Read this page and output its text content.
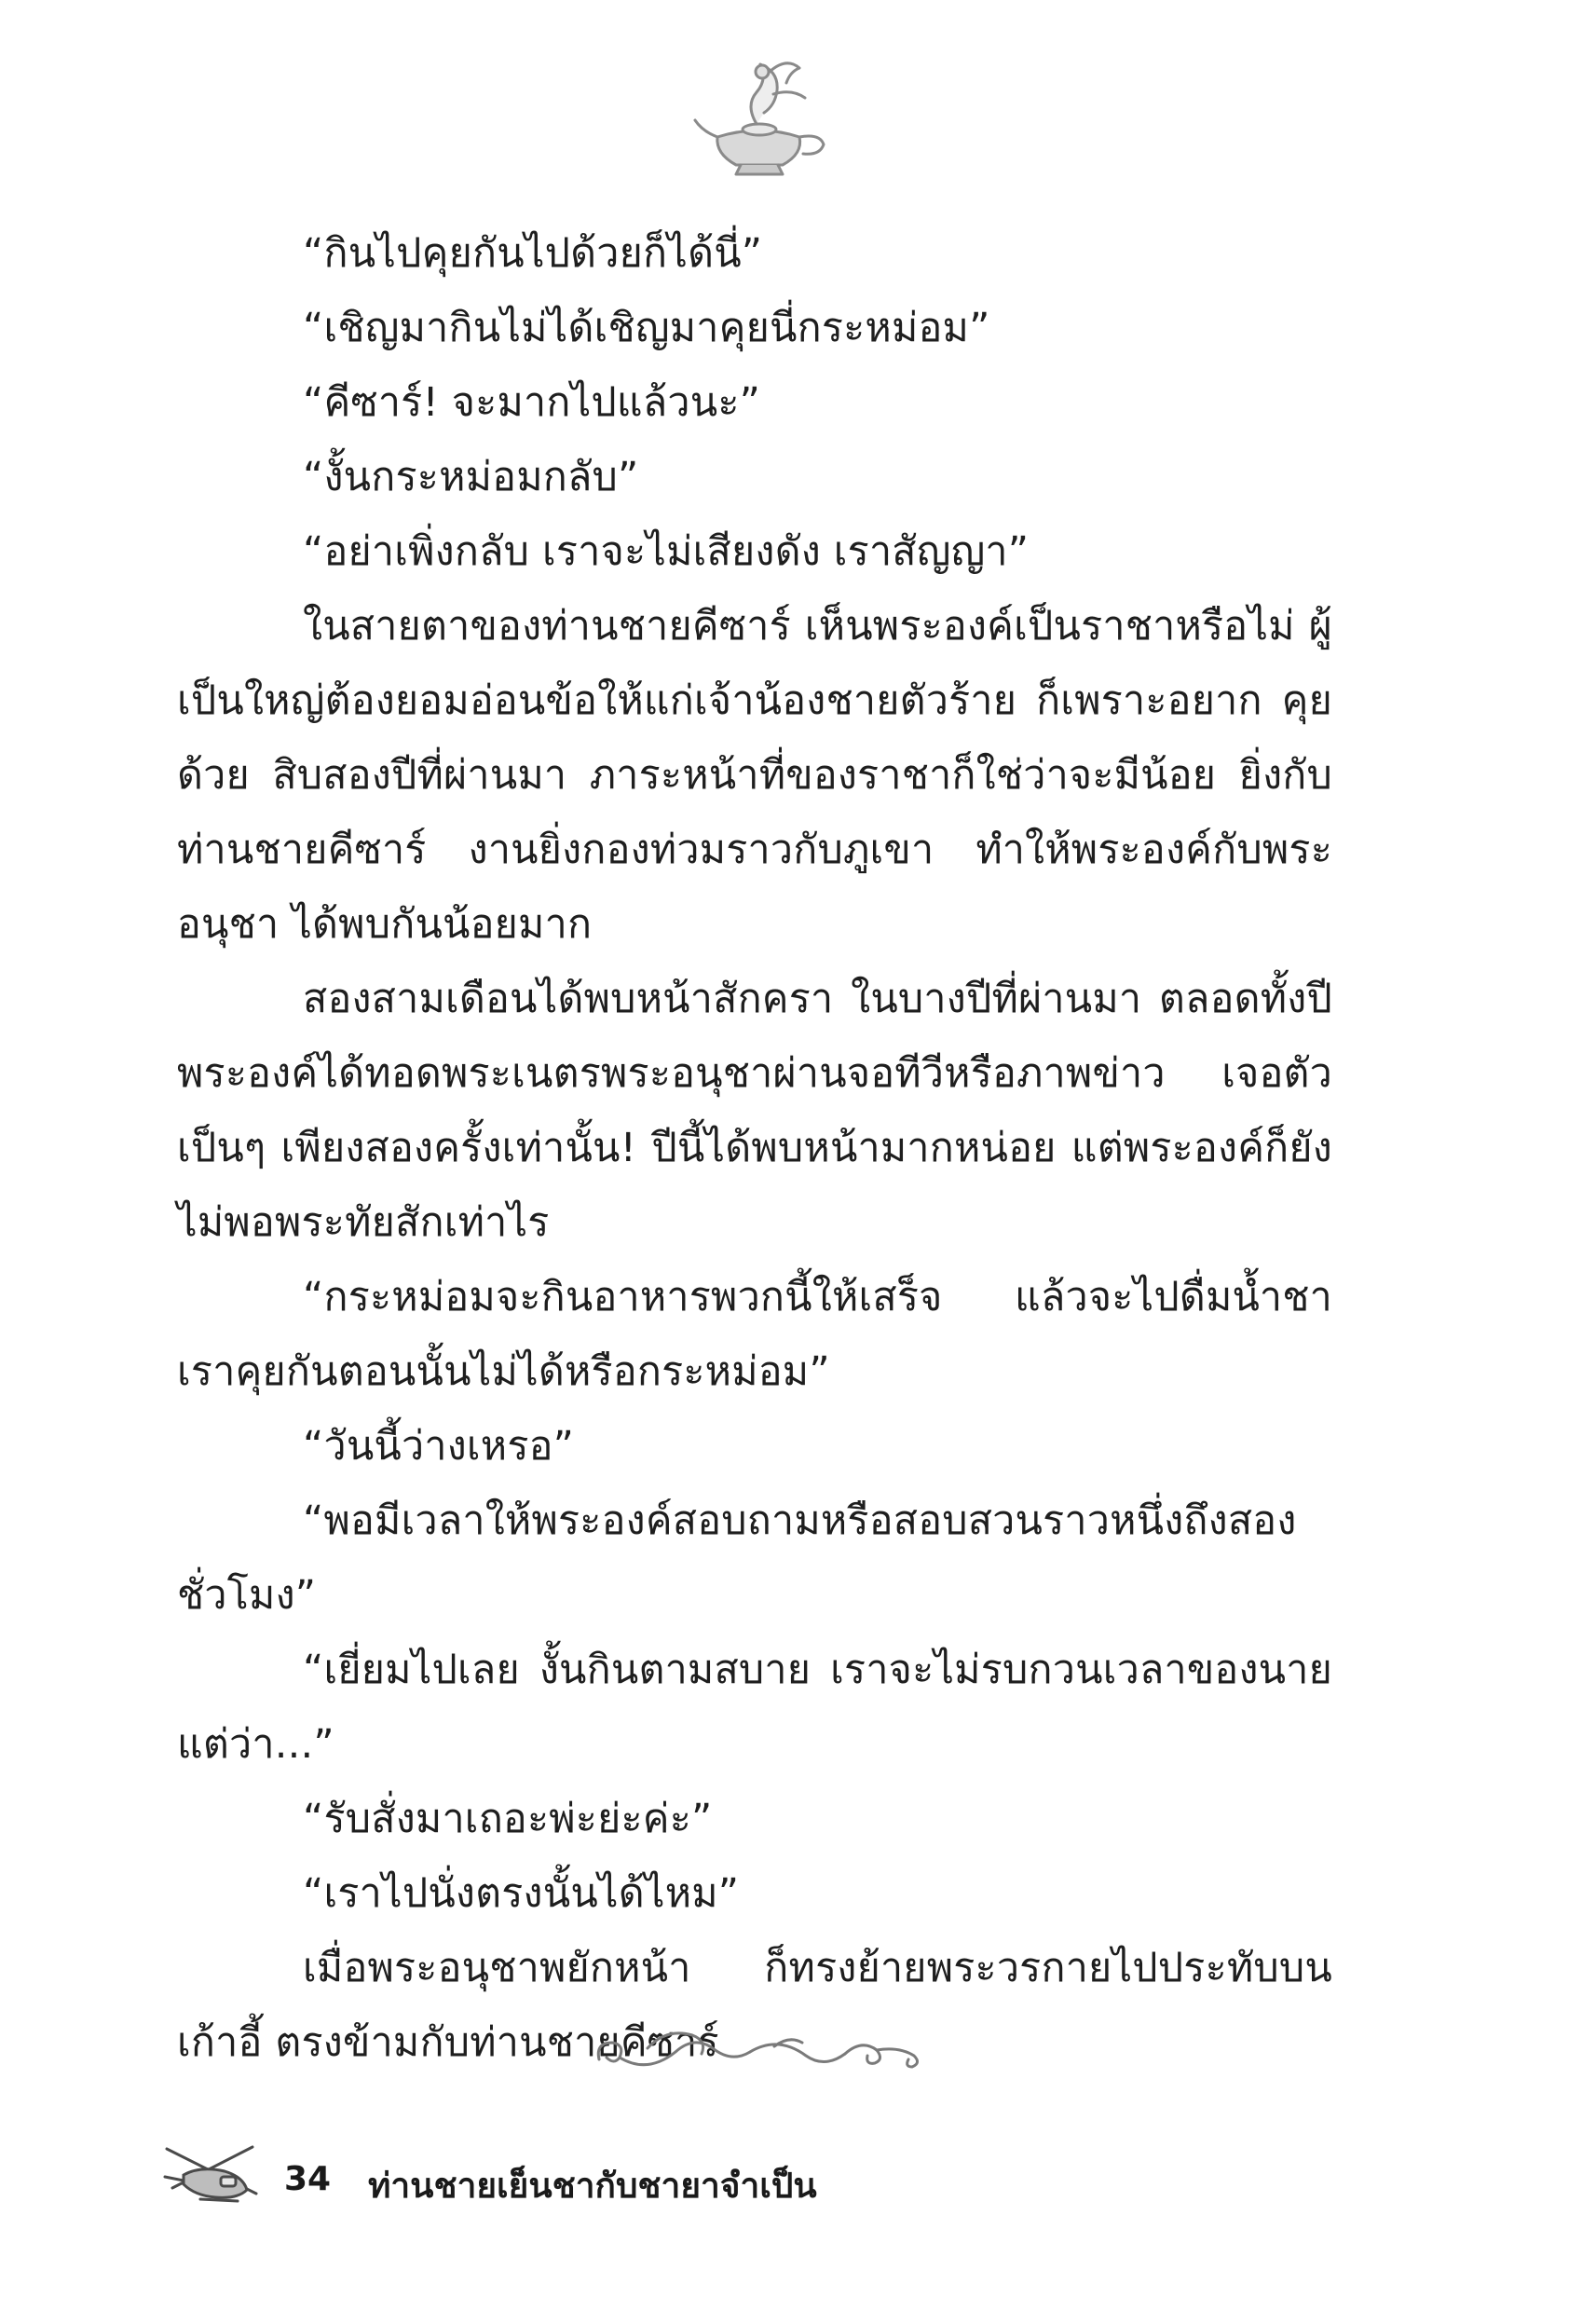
“กินไปคุยกันไปด้วยก็ได้นี่”

“เชิญมากินไม่ได้เชิญมาคุยนี่กระหม่อม”

“คีซาร์! จะมากไปแล้วนะ”

“งั้นกระหม่อมกลับ”

“อย่าเพิ่งกลับ เราจะไม่เสียงดัง เราสัญญา”

ในสายตาของท่านชายคีซาร์ เห็นพระองค์เป็นราชาหรือไม่ ผู้เป็นใหญ่ต้องยอมอ่อนข้อให้แก่เจ้าน้องชายตัวร้าย ก็เพราะอยาก คุยด้วย สิบสองปีที่ผ่านมา ภาระหน้าที่ของราชาก็ใช่ว่าจะมีน้อย ยิ่งกับ ท่านชายคีซาร์ งานยิ่งกองท่วมราวกับภูเขา ทำให้พระองค์กับพระอนุชา ได้พบกันน้อยมาก

สองสามเดือนได้พบหน้าสักครา ในบางปีที่ผ่านมา ตลอดทั้งปี พระองค์ได้ทอดพระเนตรพระอนุชาผ่านจอทีวีหรือภาพข่าว เจอตัวเป็นๆ เพียงสองครั้งเท่านั้น! ปีนี้ได้พบหน้ามากหน่อย แต่พระองค์ก็ยัง ไม่พอพระทัยสักเท่าไร

“กระหม่อมจะกินอาหารพวกนี้ให้เสร็จ แล้วจะไปดื่มน้ำชา เราคุยกันตอนนั้นไม่ได้หรือกระหม่อม”

“วันนี้ว่างเหรอ”

“พอมีเวลาให้พระองค์สอบถามหรือสอบสวนราวหนึ่งถึงสองชั่วโมง”

“เยี่ยมไปเลย งั้นกินตามสบาย เราจะไม่รบกวนเวลาของนาย แต่ว่า...”

“รับสั่งมาเถอะพ่ะย่ะค่ะ”

“เราไปนั่งตรงนั้นได้ไหม”

เมื่อพระอนุชาพยักหน้า ก็ทรงย้ายพระวรกายไปประทับบนเก้าอี้ ตรงข้ามกับท่านชายคีซาร์

34 ท่านชายเย็นชากับชายาจำเป็น
